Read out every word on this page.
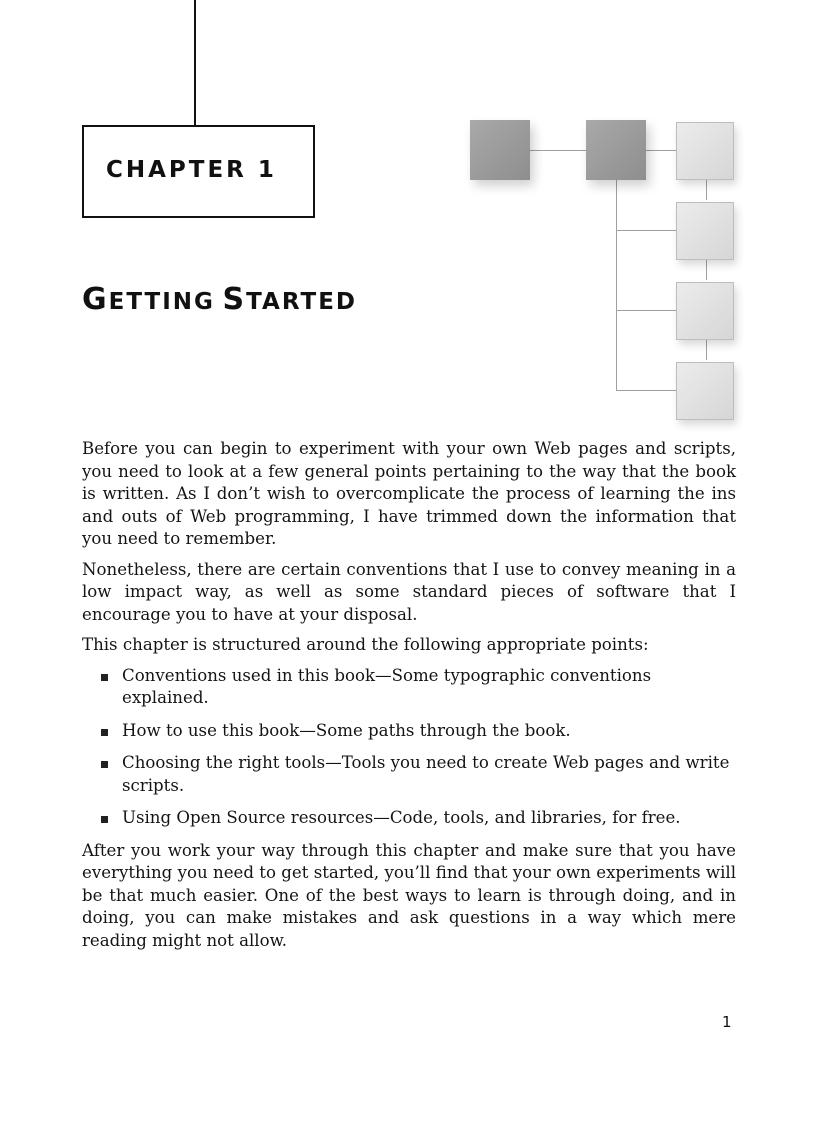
CHAPTER 1
GETTING STARTED

Before you can begin to experiment with your own Web pages and scripts, you need to look at a few general points pertaining to the way that the book is written. As I don’t wish to overcomplicate the process of learning the ins and outs of Web programming, I have trimmed down the information that you need to remember.

Nonetheless, there are certain conventions that I use to convey meaning in a low impact way, as well as some standard pieces of software that I encourage you to have at your disposal.

This chapter is structured around the following appropriate points:

Conventions used in this book—Some typographic conventions explained.
How to use this book—Some paths through the book.
Choosing the right tools—Tools you need to create Web pages and write scripts.
Using Open Source resources—Code, tools, and libraries, for free.

After you work your way through this chapter and make sure that you have everything you need to get started, you’ll find that your own experiments will be that much easier. One of the best ways to learn is through doing, and in doing, you can make mistakes and ask questions in a way which mere reading might not allow.

1
